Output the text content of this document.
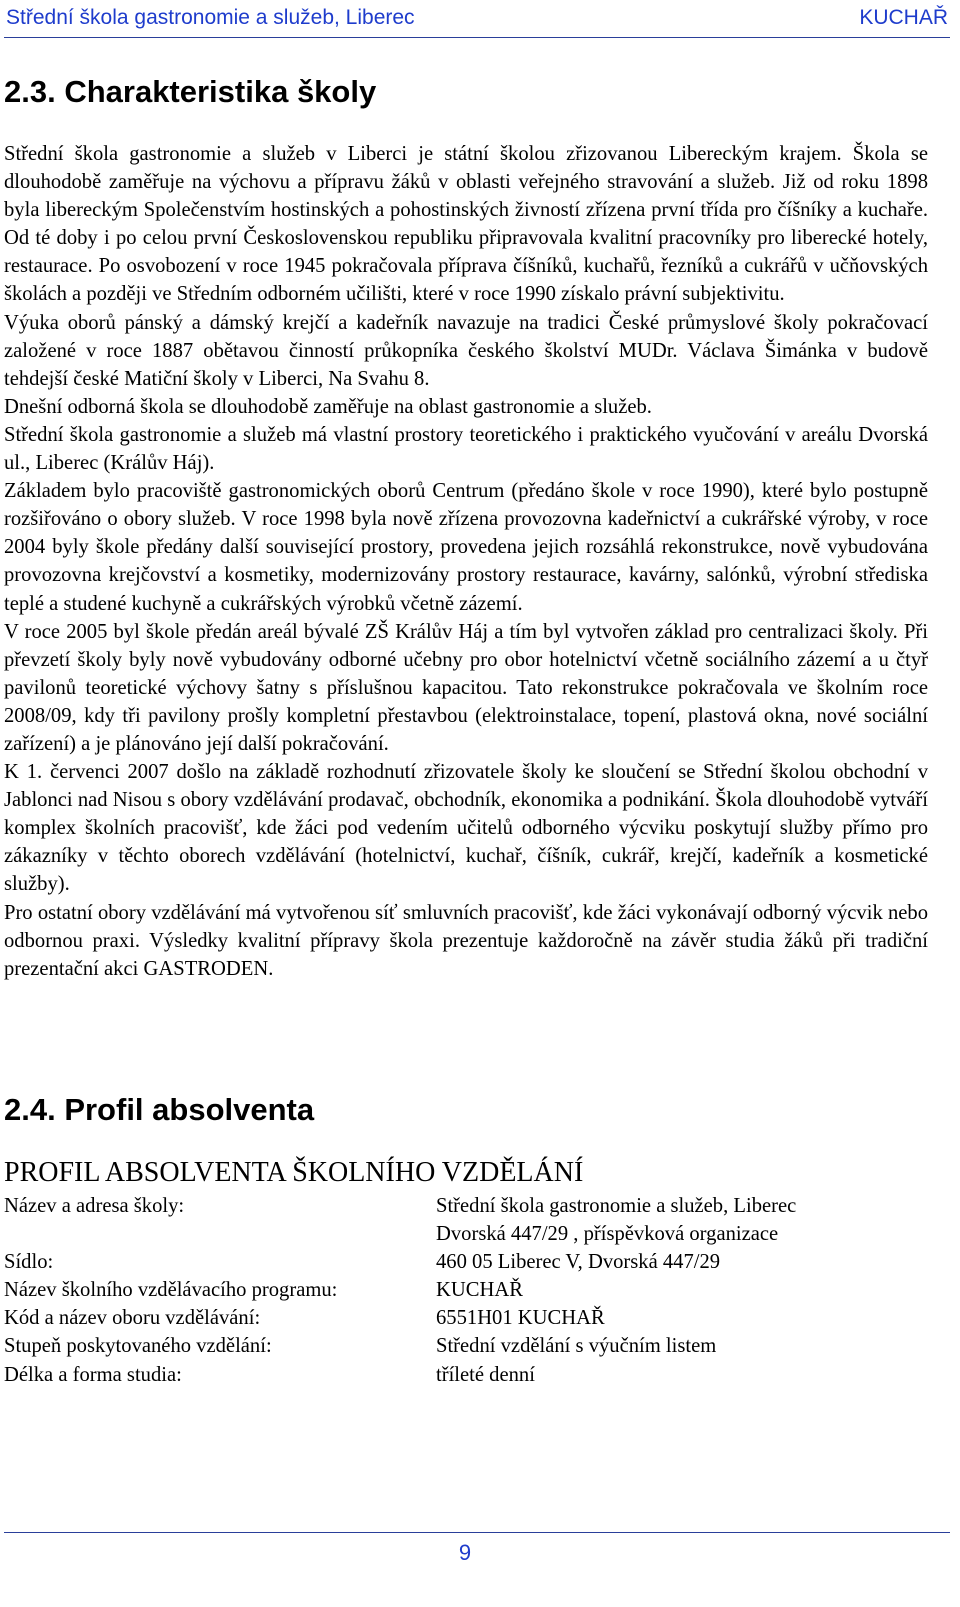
Střední škola gastronomie a služeb, Liberec	KUCHAŘ
2.3. Charakteristika školy

Střední škola gastronomie a služeb v Liberci je státní školou zřizovanou Libereckým krajem. Škola se dlouhodobě zaměřuje na výchovu a přípravu žáků v oblasti veřejného stravování a služeb. Již od roku 1898 byla libereckým Společenstvím hostinských a pohostinských živností zřízena první třída pro číšníky a kuchaře. Od té doby i po celou první Československou republiku připravovala kvalitní pracovníky pro liberecké hotely, restaurace. Po osvobození v roce 1945 pokračovala příprava číšníků, kuchařů, řezníků a cukrářů v učňovských školách a později ve Středním odborném učilišti, které v roce 1990 získalo právní subjektivitu.

Výuka oborů pánský a dámský krejčí a kadeřník navazuje na tradici České průmyslové školy pokračovací založené v roce 1887 obětavou činností průkopníka českého školství MUDr. Václava Šimánka v budově tehdejší české Matiční školy v Liberci, Na Svahu 8.

Dnešní odborná škola se dlouhodobě zaměřuje na oblast gastronomie a služeb.

Střední škola gastronomie a služeb má vlastní prostory teoretického i praktického vyučování v areálu Dvorská ul., Liberec (Králův Háj).

Základem bylo pracoviště gastronomických oborů Centrum (předáno škole v roce 1990), které bylo postupně rozšiřováno o obory služeb. V roce 1998 byla nově zřízena provozovna kadeřnictví a cukrářské výroby, v roce 2004 byly škole předány další související prostory, provedena jejich rozsáhlá rekonstrukce, nově vybudována provozovna krejčovství a kosmetiky, modernizovány prostory restaurace, kavárny, salónků, výrobní střediska teplé a studené kuchyně a cukrářských výrobků včetně zázemí.

V roce 2005 byl škole předán areál bývalé ZŠ Králův Háj a tím byl vytvořen základ pro centralizaci školy. Při převzetí školy byly nově vybudovány odborné učebny pro obor hotelnictví včetně sociálního zázemí a u čtyř pavilonů teoretické výchovy šatny s příslušnou kapacitou. Tato rekonstrukce pokračovala ve školním roce 2008/09, kdy tři pavilony prošly kompletní přestavbou (elektroinstalace, topení, plastová okna, nové sociální zařízení) a je plánováno její další pokračování.

K 1. červenci 2007 došlo na základě rozhodnutí zřizovatele školy ke sloučení se Střední školou obchodní v Jablonci nad Nisou s obory vzdělávání prodavač, obchodník, ekonomika a podnikání. Škola dlouhodobě vytváří komplex školních pracovišť, kde žáci pod vedením učitelů odborného výcviku poskytují služby přímo pro zákazníky v těchto oborech vzdělávání (hotelnictví, kuchař, číšník, cukrář, krejčí, kadeřník a kosmetické služby).

Pro ostatní obory vzdělávání má vytvořenou síť smluvních pracovišť, kde žáci vykonávají odborný výcvik nebo odbornou praxi. Výsledky kvalitní přípravy škola prezentuje každoročně na závěr studia žáků při tradiční prezentační akci GASTRODEN.

2.4. Profil absolventa
PROFIL ABSOLVENTA ŠKOLNÍHO VZDĚLÁNÍ
Název a adresa školy:	Střední škola gastronomie a služeb, Liberec
Dvorská 447/29 , příspěvková organizace
Sídlo:	460 05 Liberec V, Dvorská 447/29
Název školního vzdělávacího programu:	KUCHAŘ
Kód a název oboru vzdělávání:	6551H01 KUCHAŘ
Stupeň poskytovaného vzdělání:	Střední vzdělání s výučním listem
Délka a forma studia:	tříleté denní
9
